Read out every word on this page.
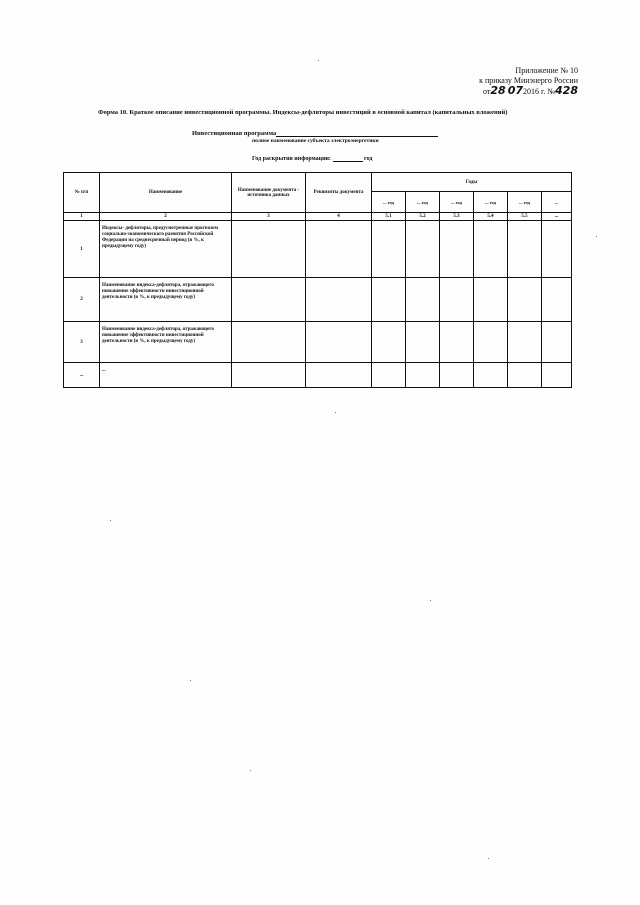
Приложение № 10
к приказу Минэнерго России
от28 072016 г. №428
Форма 10. Краткое описание инвестиционной программы. Индексы-дефляторы инвестиций в основной капитал (капитальных вложений)
Инвестиционная программа
полное наименование субъекта электроэнергетики
Год раскрытия информации:	год
№ п/п	Наименование	Наименование документа - источника данных	Реквизиты документа	Годы					
				... год	... год	... год	... год	... год	...
1	2	3	4	5.1	5.2	5.3	5.4	5.5	...
1	Индексы- дефляторы, предусмотренные прогнозом социально-экономического развития Российской Федерации на среднесрочный период (в %, к предыдущему году)								
2	Наименование индекса-дефлятора, отражающего повышение эффективности инвестиционной деятельности (в %, к предыдущему году)								
3	Наименование индекса-дефлятора, отражающего повышение эффективности инвестиционной деятельности (в %, к предыдущему году)								
...	...								
